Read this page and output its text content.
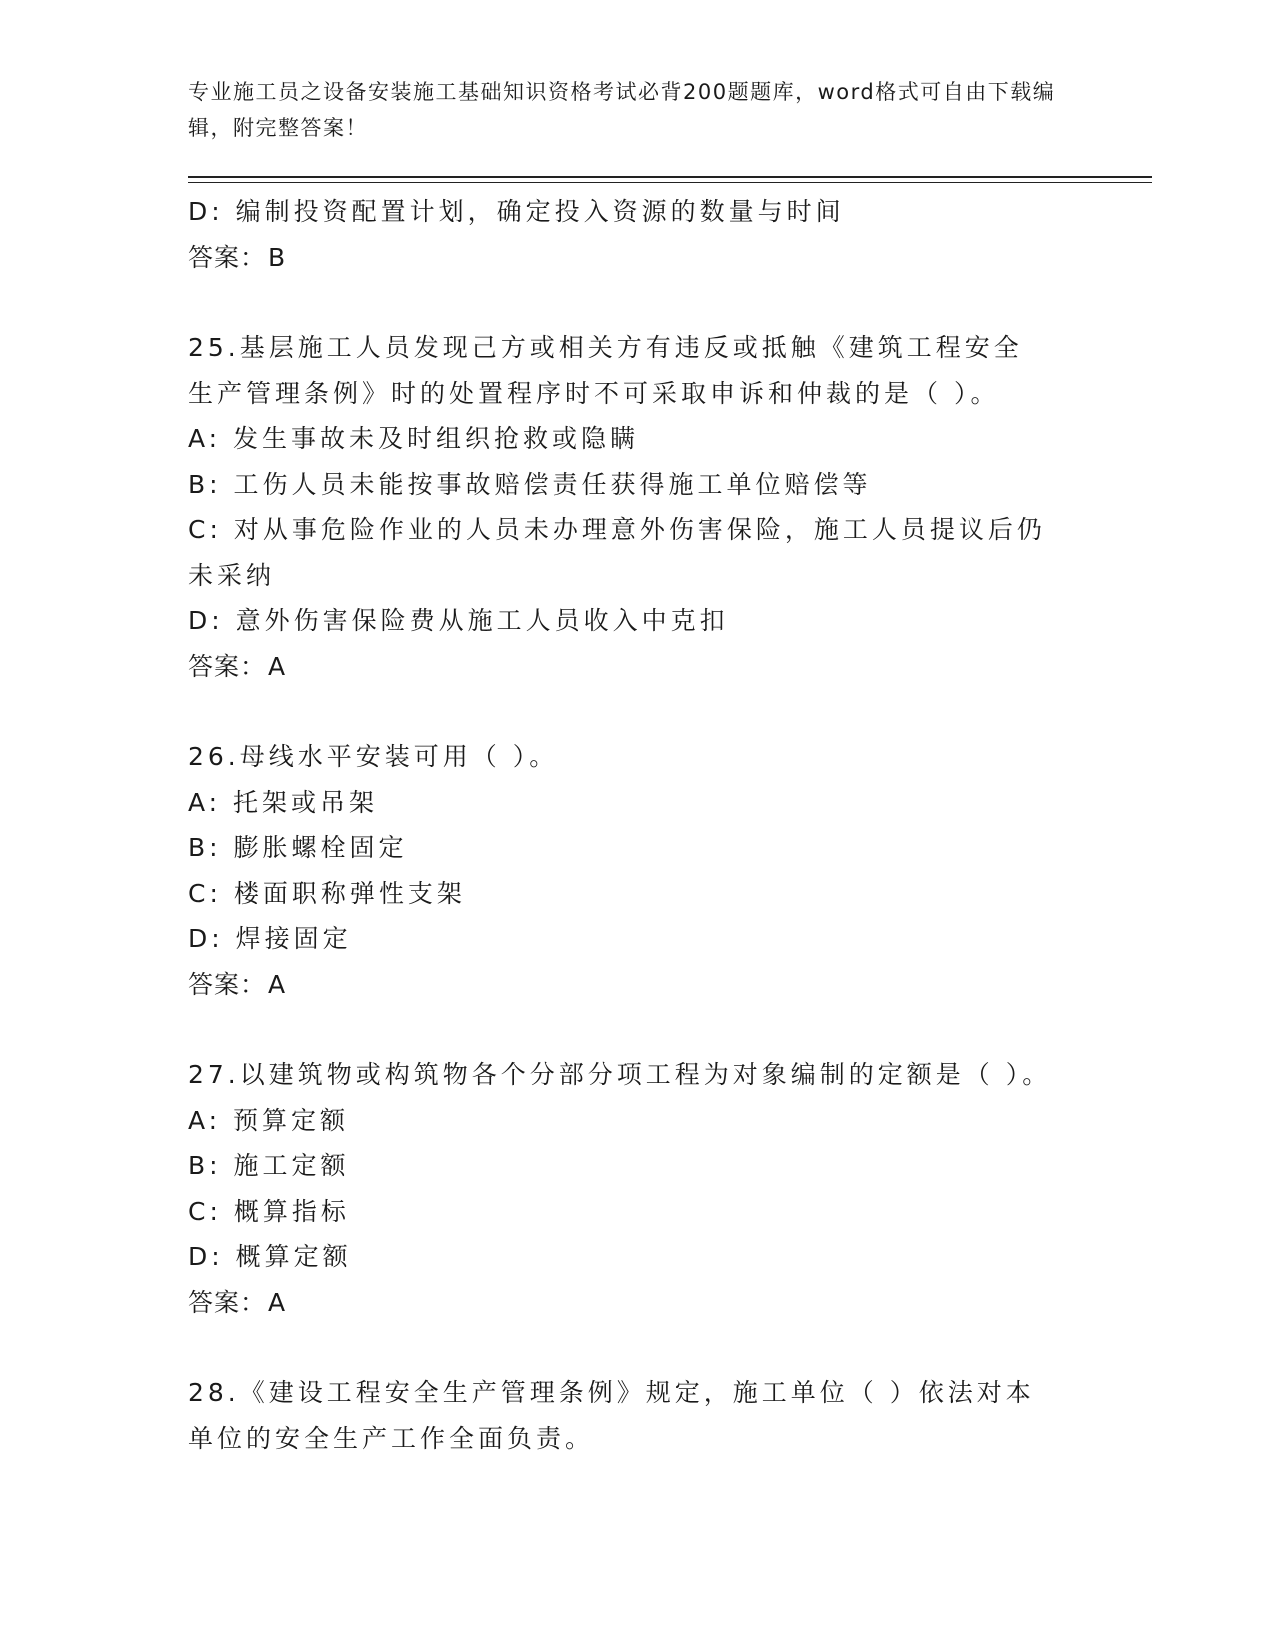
专业施工员之设备安装施工基础知识资格考试必背200题题库，word格式可自由下载编辑，附完整答案！
D: 编制投资配置计划，确定投入资源的数量与时间
答案：B
25.基层施工人员发现己方或相关方有违反或抵触《建筑工程安全生产管理条例》时的处置程序时不可采取申诉和仲裁的是（ ）。
A: 发生事故未及时组织抢救或隐瞒
B: 工伤人员未能按事故赔偿责任获得施工单位赔偿等
C: 对从事危险作业的人员未办理意外伤害保险，施工人员提议后仍未采纳
D: 意外伤害保险费从施工人员收入中克扣
答案：A
26.母线水平安装可用（ ）。
A: 托架或吊架
B: 膨胀螺栓固定
C: 楼面职称弹性支架
D: 焊接固定
答案：A
27.以建筑物或构筑物各个分部分项工程为对象编制的定额是（ ）。
A: 预算定额
B: 施工定额
C: 概算指标
D: 概算定额
答案：A
28.《建设工程安全生产管理条例》规定，施工单位（ ）依法对本单位的安全生产工作全面负责。
